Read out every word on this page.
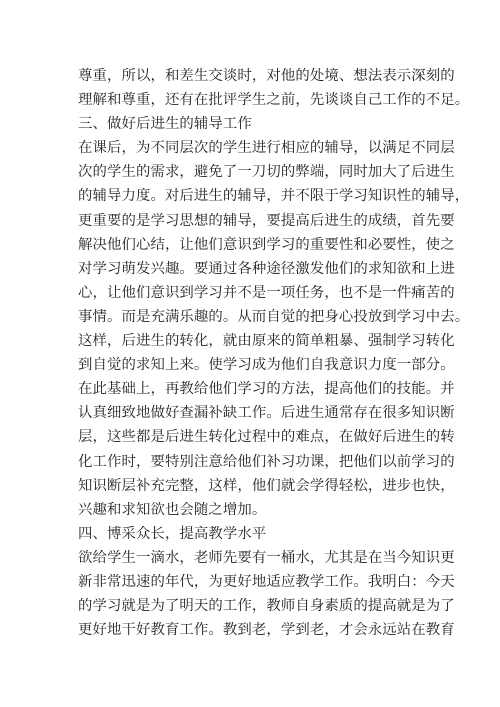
尊重，所以，和差生交谈时，对他的处境、想法表示深刻的
理解和尊重，还有在批评学生之前，先谈谈自己工作的不足。
三、做好后进生的辅导工作
在课后，为不同层次的学生进行相应的辅导，以满足不同层
次的学生的需求，避免了一刀切的弊端，同时加大了后进生
的辅导力度。对后进生的辅导，并不限于学习知识性的辅导，
更重要的是学习思想的辅导，要提高后进生的成绩，首先要
解决他们心结，让他们意识到学习的重要性和必要性，使之
对学习萌发兴趣。要通过各种途径激发他们的求知欲和上进
心，让他们意识到学习并不是一项任务，也不是一件痛苦的
事情。而是充满乐趣的。从而自觉的把身心投放到学习中去。
这样，后进生的转化，就由原来的简单粗暴、强制学习转化
到自觉的求知上来。使学习成为他们自我意识力度一部分。
在此基础上，再教给他们学习的方法，提高他们的技能。并
认真细致地做好查漏补缺工作。后进生通常存在很多知识断
层，这些都是后进生转化过程中的难点，在做好后进生的转
化工作时，要特别注意给他们补习功课，把他们以前学习的
知识断层补充完整，这样，他们就会学得轻松，进步也快，
兴趣和求知欲也会随之增加。
四、博采众长，提高教学水平
欲给学生一滴水，老师先要有一桶水，尤其是在当今知识更
新非常迅速的年代，为更好地适应教学工作。我明白：今天
的学习就是为了明天的工作，教师自身素质的提高就是为了
更好地干好教育工作。教到老，学到老，才会永远站在教育
